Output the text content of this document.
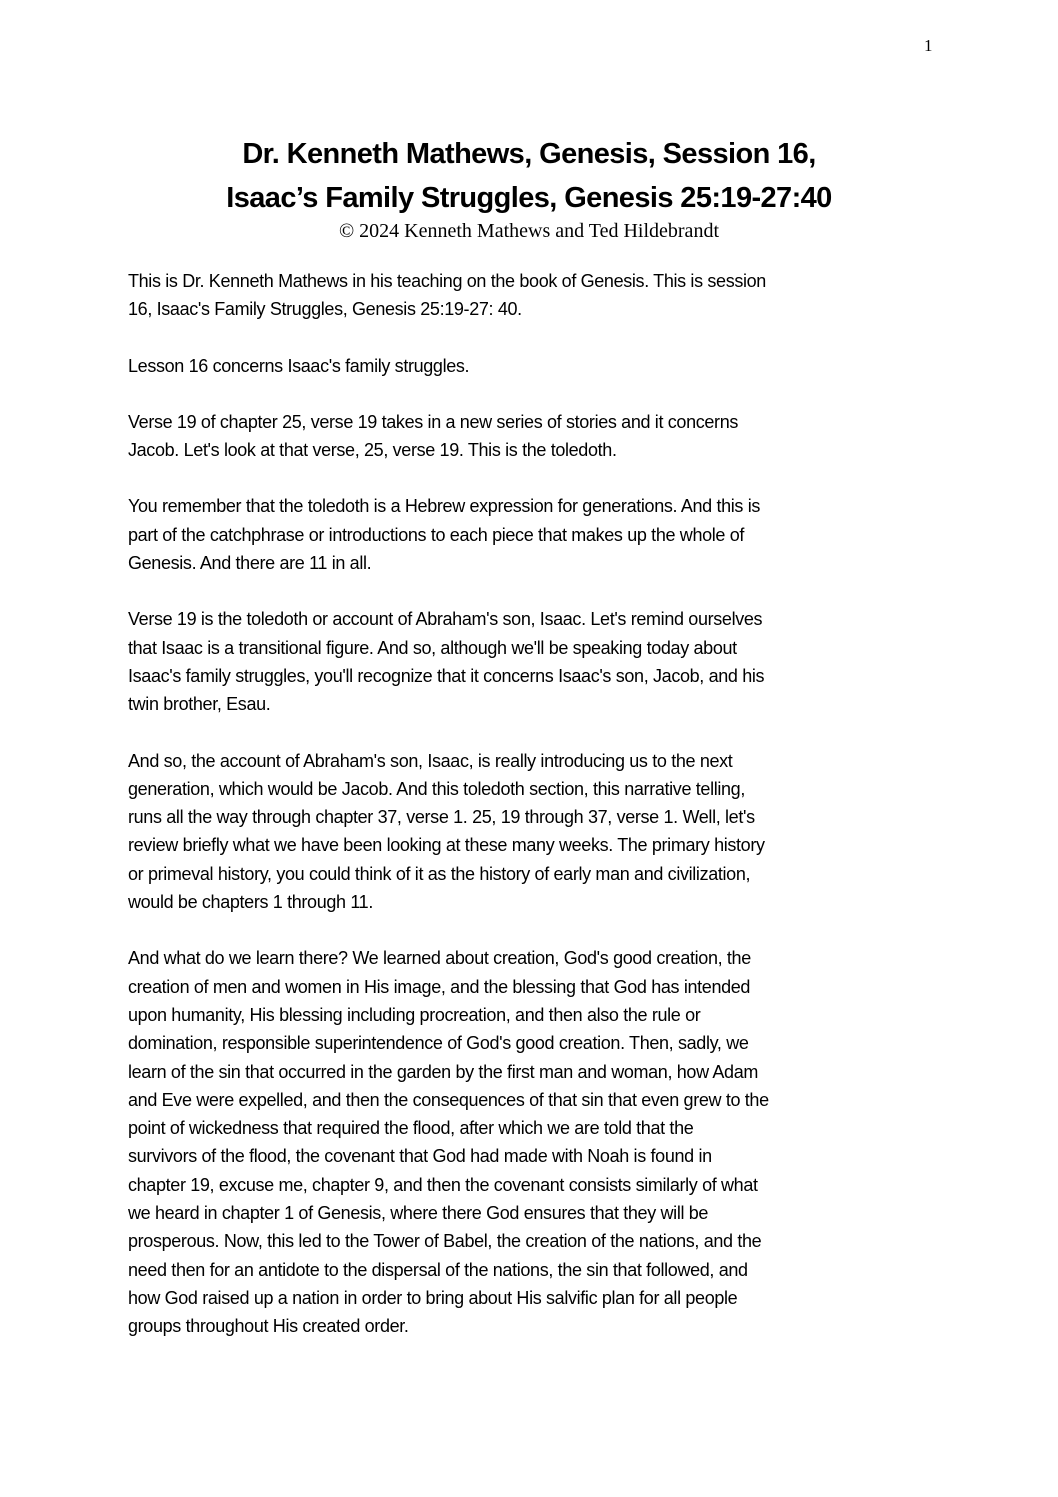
1
Dr. Kenneth Mathews, Genesis, Session 16,
Isaac’s Family Struggles, Genesis 25:19-27:40
© 2024 Kenneth Mathews and Ted Hildebrandt

This is Dr. Kenneth Mathews in his teaching on the book of Genesis. This is session
16, Isaac's Family Struggles, Genesis 25:19-27: 40.

Lesson 16 concerns Isaac's family struggles.

Verse 19 of chapter 25, verse 19 takes in a new series of stories and it concerns
Jacob. Let's look at that verse, 25, verse 19. This is the toledoth.

You remember that the toledoth is a Hebrew expression for generations. And this is
part of the catchphrase or introductions to each piece that makes up the whole of
Genesis. And there are 11 in all.

Verse 19 is the toledoth or account of Abraham's son, Isaac. Let's remind ourselves
that Isaac is a transitional figure. And so, although we'll be speaking today about
Isaac's family struggles, you'll recognize that it concerns Isaac's son, Jacob, and his
twin brother, Esau.

And so, the account of Abraham's son, Isaac, is really introducing us to the next
generation, which would be Jacob. And this toledoth section, this narrative telling,
runs all the way through chapter 37, verse 1. 25, 19 through 37, verse 1. Well, let's
review briefly what we have been looking at these many weeks. The primary history
or primeval history, you could think of it as the history of early man and civilization,
would be chapters 1 through 11.

And what do we learn there? We learned about creation, God's good creation, the
creation of men and women in His image, and the blessing that God has intended
upon humanity, His blessing including procreation, and then also the rule or
domination, responsible superintendence of God's good creation. Then, sadly, we
learn of the sin that occurred in the garden by the first man and woman, how Adam
and Eve were expelled, and then the consequences of that sin that even grew to the
point of wickedness that required the flood, after which we are told that the
survivors of the flood, the covenant that God had made with Noah is found in
chapter 19, excuse me, chapter 9, and then the covenant consists similarly of what
we heard in chapter 1 of Genesis, where there God ensures that they will be
prosperous. Now, this led to the Tower of Babel, the creation of the nations, and the
need then for an antidote to the dispersal of the nations, the sin that followed, and
how God raised up a nation in order to bring about His salvific plan for all people
groups throughout His created order.
